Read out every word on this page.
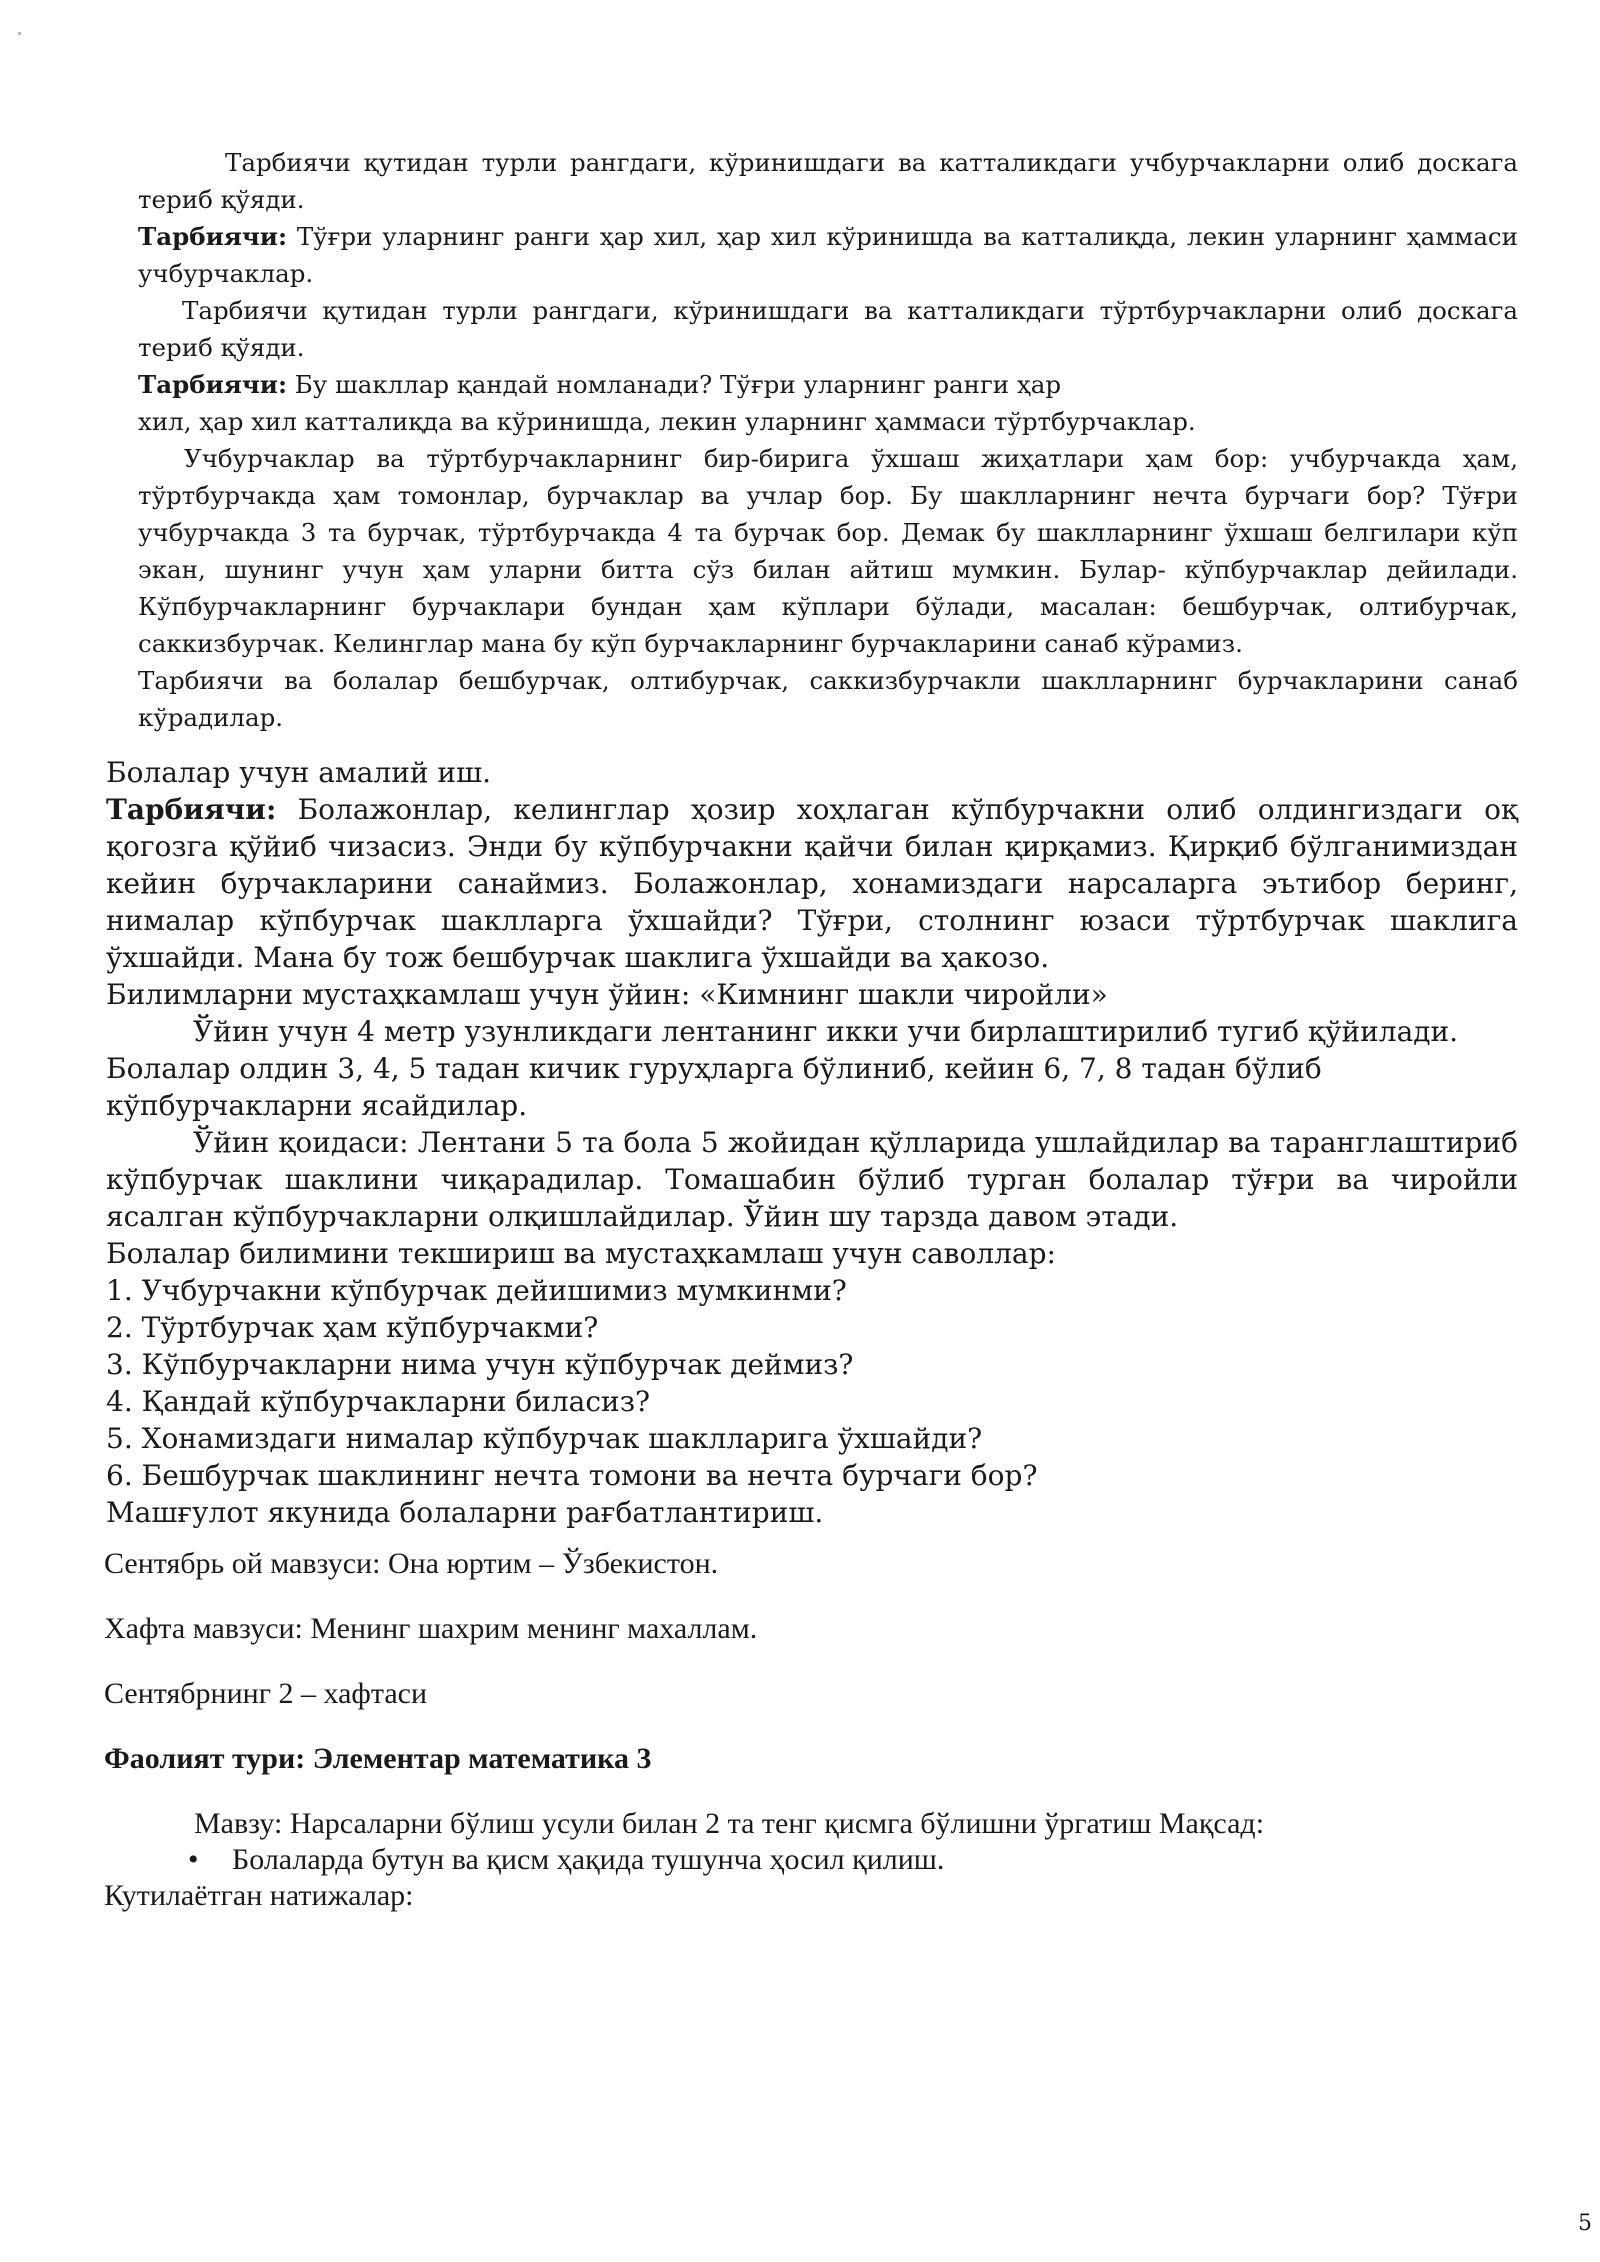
Тарбиячи қутидан турли рангдаги, кўринишдаги ва катталикдаги учбурчакларни олиб доскага териб қўяди.

Тарбиячи: Тўғри уларнинг ранги ҳар хил, ҳар хил кўринишда ва катталиқда, лекин уларнинг ҳаммаси учбурчаклар.

Тарбиячи қутидан турли рангдаги, кўринишдаги ва катталикдаги тўртбурчакларни олиб доскага териб қўяди.

Тарбиячи: Бу шакллар қандай номланади? Тўғри уларнинг ранги ҳар

хил, ҳар хил катталиқда ва кўринишда, лекин уларнинг ҳаммаси тўртбурчаклар.

Учбурчаклар ва тўртбурчакларнинг бир-бирига ўхшаш жиҳатлари ҳам бор: учбурчакда ҳам, тўртбурчакда ҳам томонлар, бурчаклар ва учлар бор. Бу шаклларнинг нечта бурчаги бор? Тўғри учбурчакда 3 та бурчак, тўртбурчакда 4 та бурчак бор. Демак бу шаклларнинг ўхшаш белгилари кўп экан, шунинг учун ҳам уларни битта сўз билан айтиш мумкин. Булар- кўпбурчаклар дейилади. Кўпбурчакларнинг бурчаклари бундан ҳам кўплари бўлади, масалан: бешбурчак, олтибурчак, саккизбурчак. Келинглар мана бу кўп бурчакларнинг бурчакларини санаб кўрамиз.

Тарбиячи ва болалар бешбурчак, олтибурчак, саккизбурчакли шаклларнинг бурчакларини санаб кўрадилар.

Болалар учун амалий иш.

Тарбиячи: Болажонлар, келинглар ҳозир хоҳлаган кўпбурчакни олиб олдингиздаги оқ қогозга қўйиб чизасиз. Энди бу кўпбурчакни қайчи билан қирқамиз. Қирқиб бўлганимиздан кейин бурчакларини санаймиз. Болажонлар, хонамиздаги нарсаларга эътибор беринг, нималар кўпбурчак шаклларга ўхшайди? Тўғри, столнинг юзаси тўртбурчак шаклига ўхшайди. Мана бу тож бешбурчак шаклига ўхшайди ва ҳакозо.

Билимларни мустаҳкамлаш учун ўйин: «Кимнинг шакли чиройли»

Ўйин учун 4 метр узунликдаги лентанинг икки учи бирлаштирилиб тугиб қўйилади.

Болалар олдин 3, 4, 5 тадан кичик гуруҳларга бўлиниб, кейин 6, 7, 8 тадан бўлиб кўпбурчакларни ясайдилар.

Ўйин қоидаси: Лентани 5 та бола 5 жойидан қўлларида ушлайдилар ва таранглаштириб кўпбурчак шаклини чиқарадилар. Томашабин бўлиб турган болалар тўғри ва чиройли ясалган кўпбурчакларни олқишлайдилар. Ўйин шу тарзда давом этади.

Болалар билимини текшириш ва мустаҳкамлаш учун саволлар:

1. Учбурчакни кўпбурчак дейишимиз мумкинми?

2. Тўртбурчак ҳам кўпбурчакми?

3. Кўпбурчакларни нима учун кўпбурчак деймиз?

4. Қандай кўпбурчакларни биласиз?

5. Хонамиздаги нималар кўпбурчак шаклларига ўхшайди?

6. Бешбурчак шаклининг нечта томони ва нечта бурчаги бор?

Машғулот якунида болаларни рағбатлантириш.

Сентябрь ой мавзуси: Она юртим – Ўзбекистон.

Хафта мавзуси: Менинг шахрим менинг махаллам.

Сентябрнинг 2 – хафтаси

Фаолият тури: Элементар математика 3

Мавзу: Нарсаларни бўлиш усули билан 2 та тенг қисмга бўлишни ўргатиш Мақсад:

• Болаларда бутун ва қисм ҳақида тушунча ҳосил қилиш.

Кутилаётган натижалар:

5
